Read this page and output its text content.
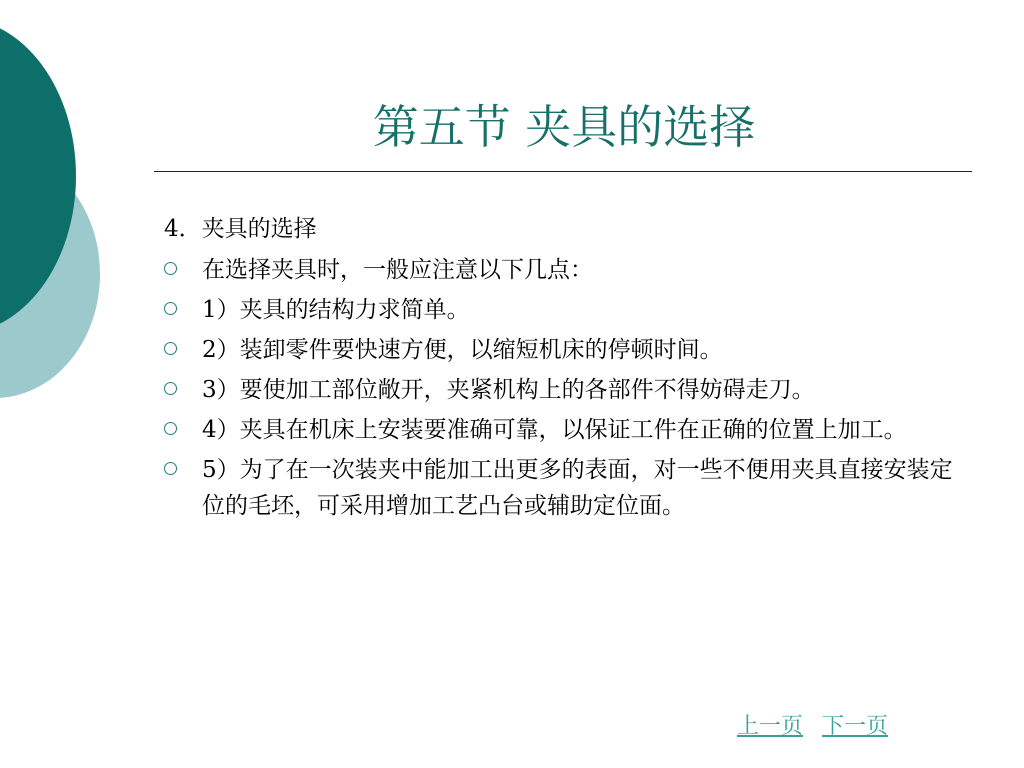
第五节 夹具的选择
4．夹具的选择
在选择夹具时，一般应注意以下几点：
1）夹具的结构力求简单。
2）装卸零件要快速方便，以缩短机床的停顿时间。
3）要使加工部位敞开，夹紧机构上的各部件不得妨碍走刀。
4）夹具在机床上安装要准确可靠，以保证工件在正确的位置上加工。
5）为了在一次装夹中能加工出更多的表面，对一些不便用夹具直接安装定位的毛坯，可采用增加工艺凸台或辅助定位面。
上一页 下一页
